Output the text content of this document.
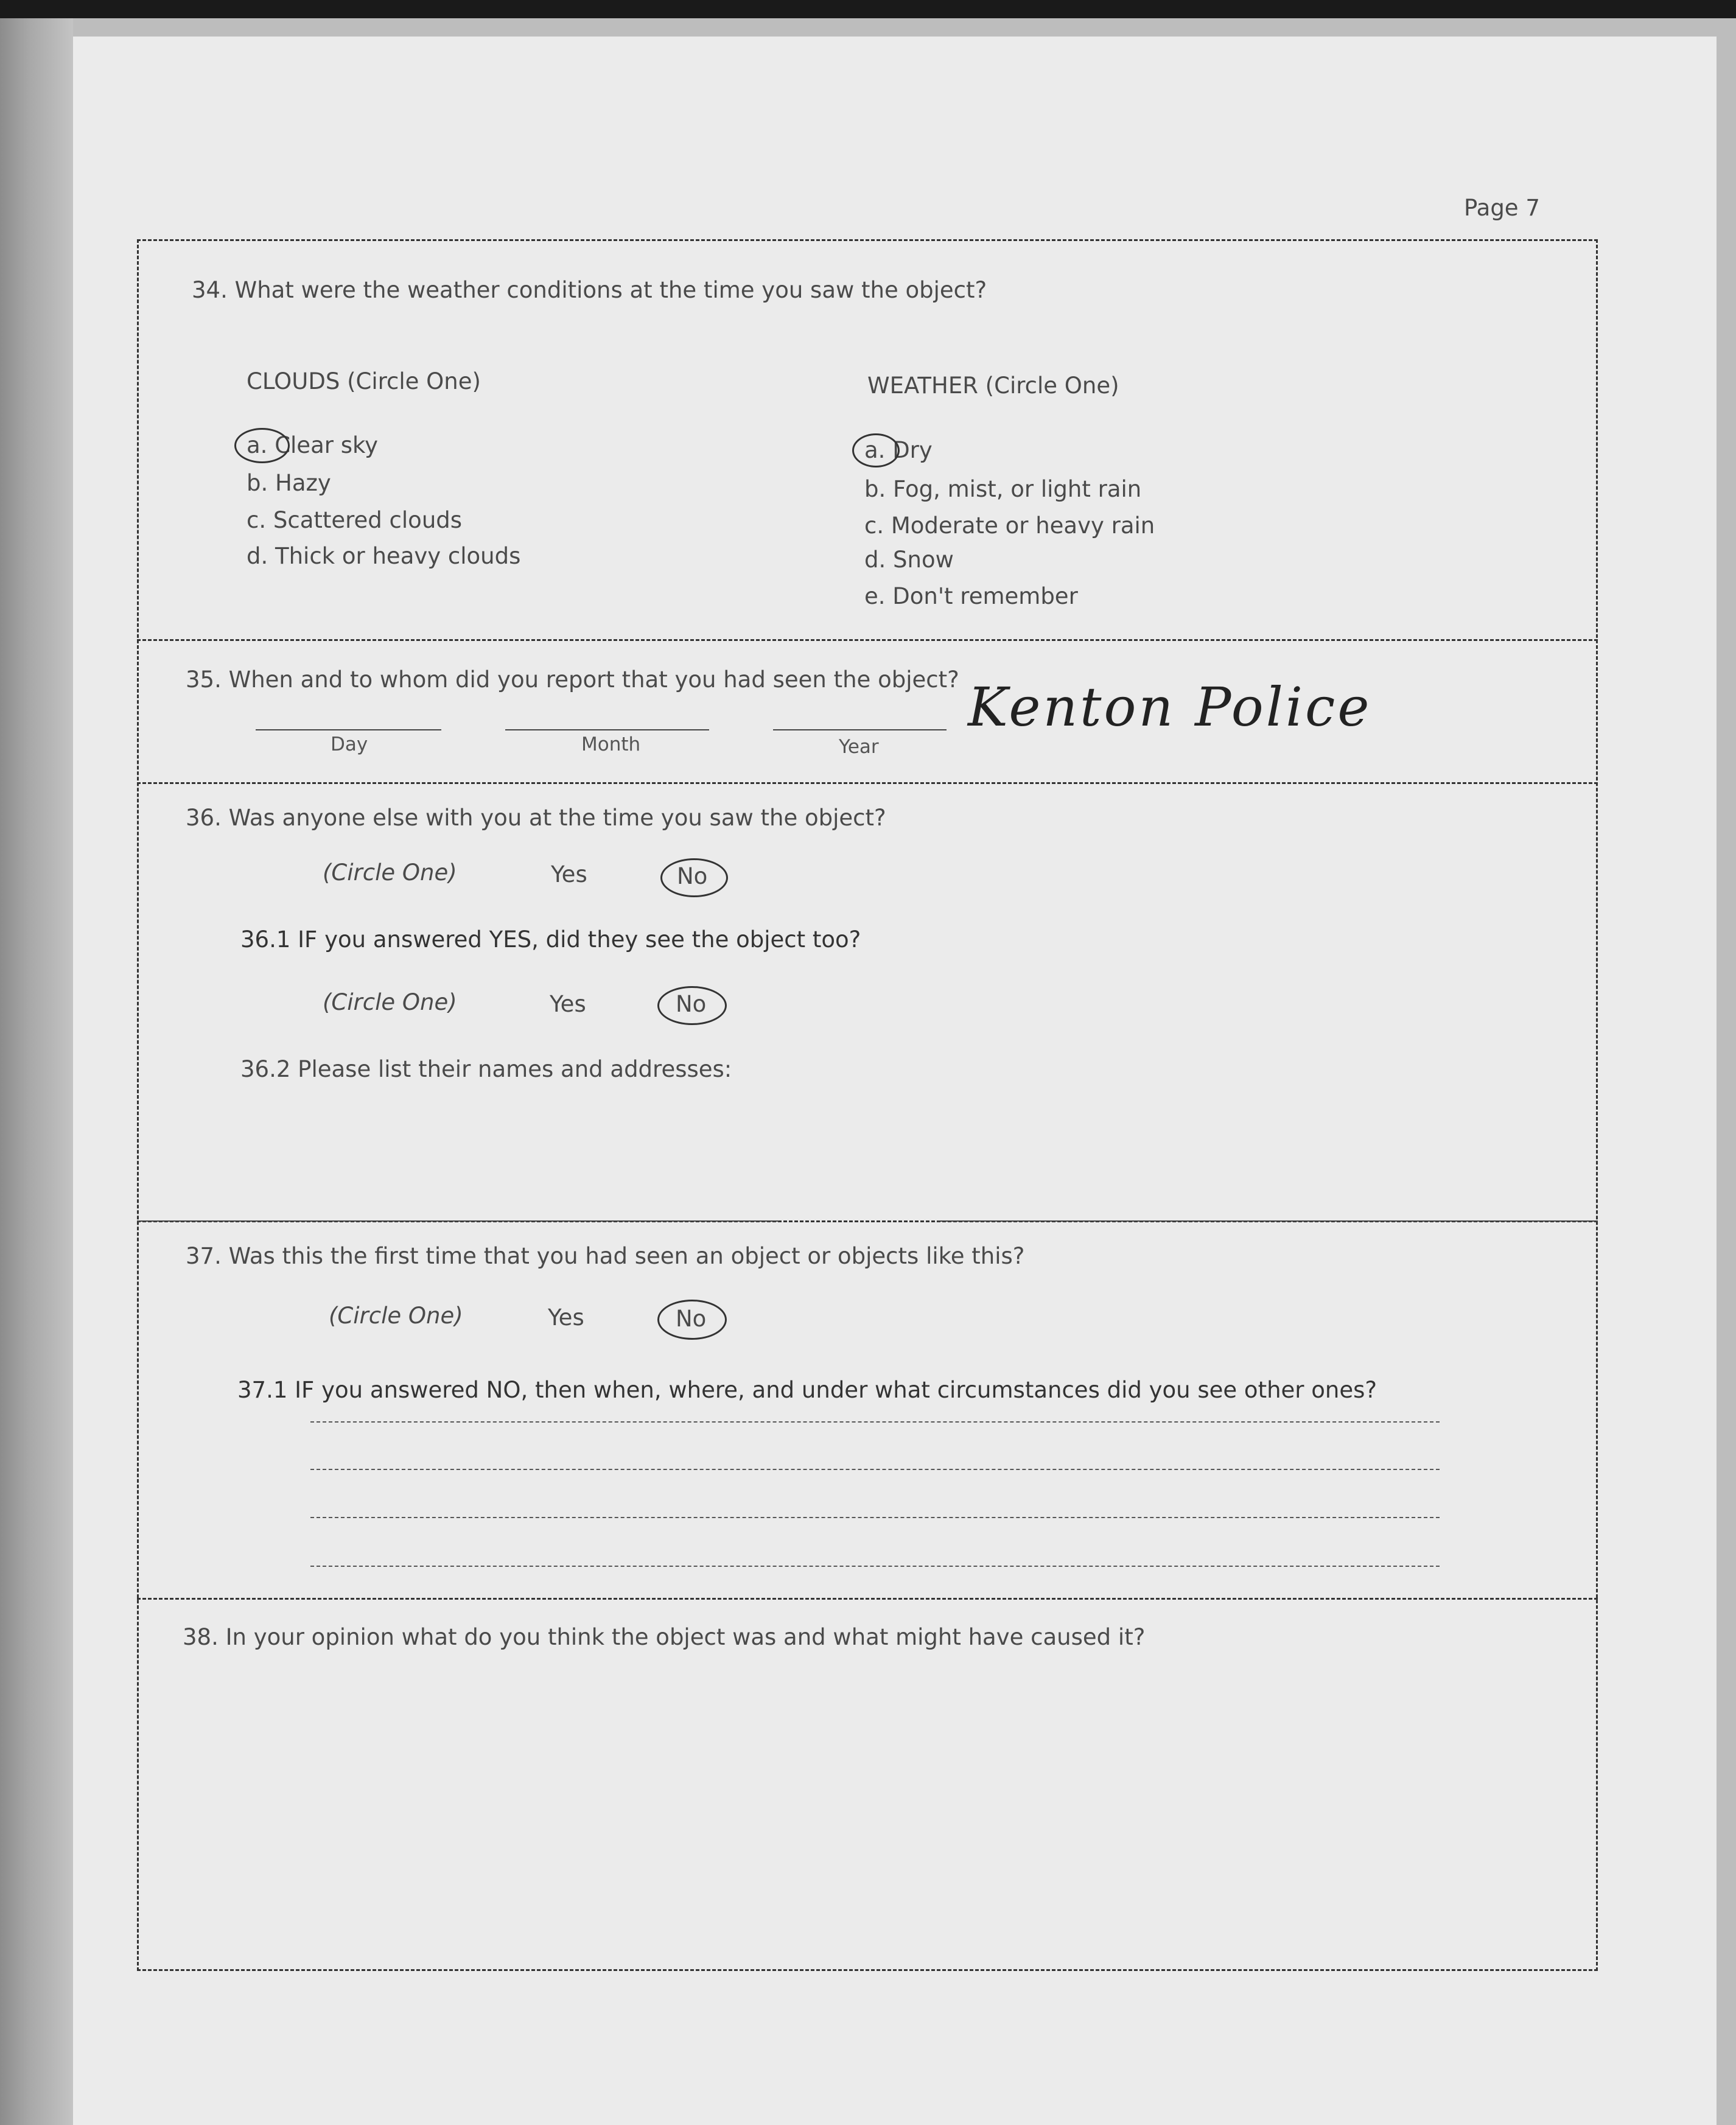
Page 7
34. What were the weather conditions at the time you saw the object?
CLOUDS (Circle One)
a. Clear sky
b. Hazy
c. Scattered clouds
d. Thick or heavy clouds
WEATHER (Circle One)
a. Dry
b. Fog, mist, or light rain
c. Moderate or heavy rain
d. Snow
e. Don't remember
35. When and to whom did you report that you had seen the object?
Day	Month	Year
Kenton Police
36. Was anyone else with you at the time you saw the object?
(Circle One)	Yes	No
36.1 IF you answered YES, did they see the object too?
(Circle One)	Yes	No
36.2 Please list their names and addresses:
37. Was this the first time that you had seen an object or objects like this?
(Circle One)	Yes	No
37.1 IF you answered NO, then when, where, and under what circumstances did you see other ones?
38. In your opinion what do you think the object was and what might have caused it?
